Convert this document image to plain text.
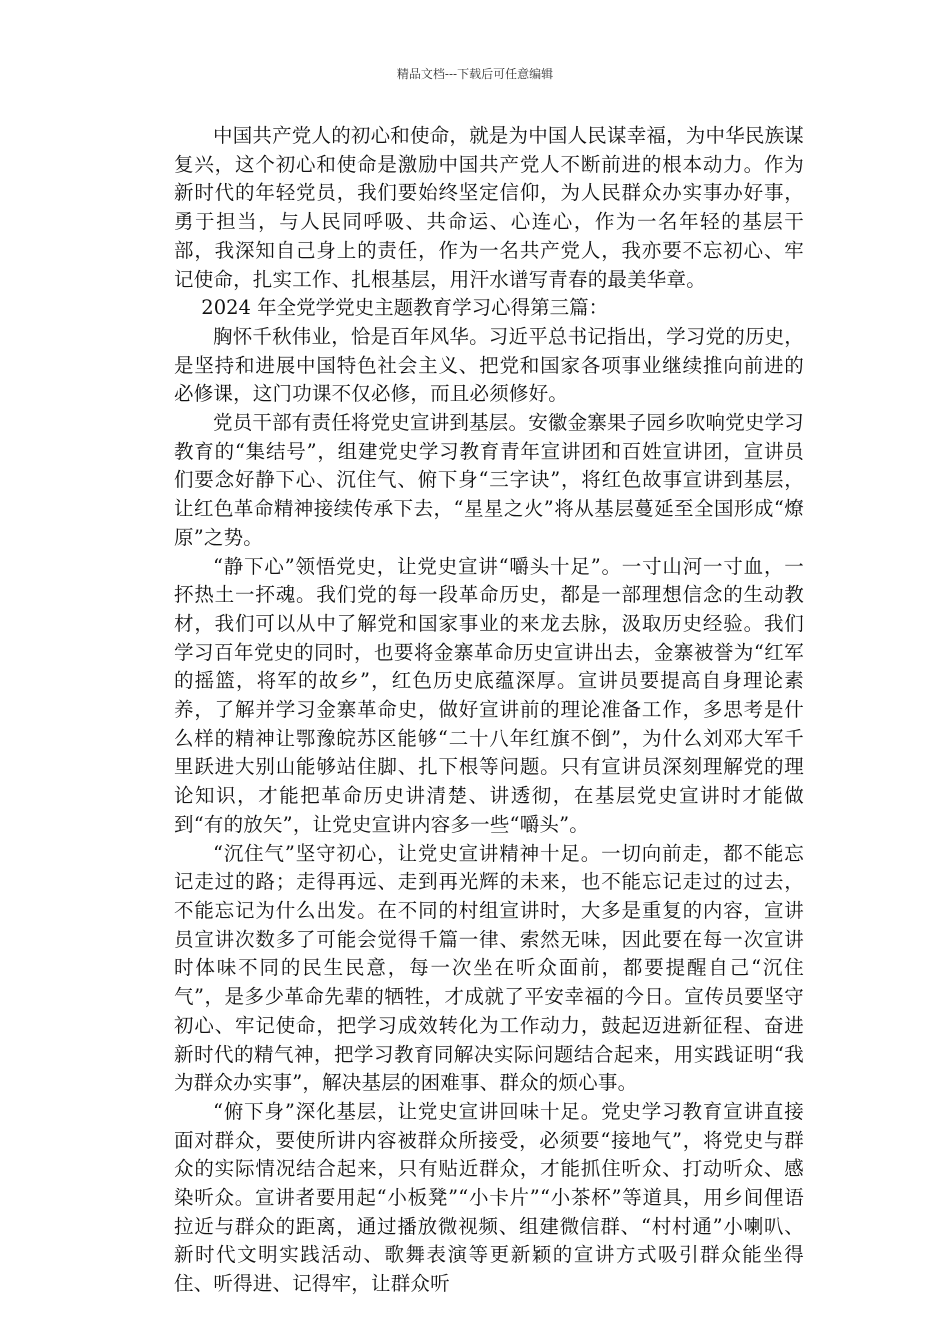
精品文档---下载后可任意编辑

中国共产党人的初心和使命，就是为中国人民谋幸福，为中华民族谋复兴，这个初心和使命是激励中国共产党人不断前进的根本动力。作为新时代的年轻党员，我们要始终坚定信仰，为人民群众办实事办好事，勇于担当，与人民同呼吸、共命运、心连心，作为一名年轻的基层干部，我深知自己身上的责任，作为一名共产党人，我亦要不忘初心、牢记使命，扎实工作、扎根基层，用汗水谱写青春的最美华章。

2024 年全党学党史主题教育学习心得第三篇：

胸怀千秋伟业，恰是百年风华。习近平总书记指出，学习党的历史，是坚持和进展中国特色社会主义、把党和国家各项事业继续推向前进的必修课，这门功课不仅必修，而且必须修好。

党员干部有责任将党史宣讲到基层。安徽金寨果子园乡吹响党史学习教育的“集结号”，组建党史学习教育青年宣讲团和百姓宣讲团，宣讲员们要念好静下心、沉住气、俯下身“三字诀”，将红色故事宣讲到基层，让红色革命精神接续传承下去，“星星之火”将从基层蔓延至全国形成“燎原”之势。

“静下心”领悟党史，让党史宣讲“嚼头十足”。一寸山河一寸血，一抔热土一抔魂。我们党的每一段革命历史，都是一部理想信念的生动教材，我们可以从中了解党和国家事业的来龙去脉，汲取历史经验。我们学习百年党史的同时，也要将金寨革命历史宣讲出去，金寨被誉为“红军的摇篮，将军的故乡”，红色历史底蕴深厚。宣讲员要提高自身理论素养，了解并学习金寨革命史，做好宣讲前的理论准备工作，多思考是什么样的精神让鄂豫皖苏区能够“二十八年红旗不倒”，为什么刘邓大军千里跃进大别山能够站住脚、扎下根等问题。只有宣讲员深刻理解党的理论知识，才能把革命历史讲清楚、讲透彻，在基层党史宣讲时才能做到“有的放矢”，让党史宣讲内容多一些“嚼头”。

“沉住气”坚守初心，让党史宣讲精神十足。一切向前走，都不能忘记走过的路；走得再远、走到再光辉的未来，也不能忘记走过的过去，不能忘记为什么出发。在不同的村组宣讲时，大多是重复的内容，宣讲员宣讲次数多了可能会觉得千篇一律、索然无味，因此要在每一次宣讲时体味不同的民生民意，每一次坐在听众面前，都要提醒自己“沉住气”，是多少革命先辈的牺牲，才成就了平安幸福的今日。宣传员要坚守初心、牢记使命，把学习成效转化为工作动力，鼓起迈进新征程、奋进新时代的精气神，把学习教育同解决实际问题结合起来，用实践证明“我为群众办实事”，解决基层的困难事、群众的烦心事。

“俯下身”深化基层，让党史宣讲回味十足。党史学习教育宣讲直接面对群众，要使所讲内容被群众所接受，必须要“接地气”，将党史与群众的实际情况结合起来，只有贴近群众，才能抓住听众、打动听众、感染听众。宣讲者要用起“小板凳”“小卡片”“小茶杯”等道具，用乡间俚语拉近与群众的距离，通过播放微视频、组建微信群、“村村通”小喇叭、新时代文明实践活动、歌舞表演等更新颖的宣讲方式吸引群众能坐得住、听得进、记得牢，让群众听
